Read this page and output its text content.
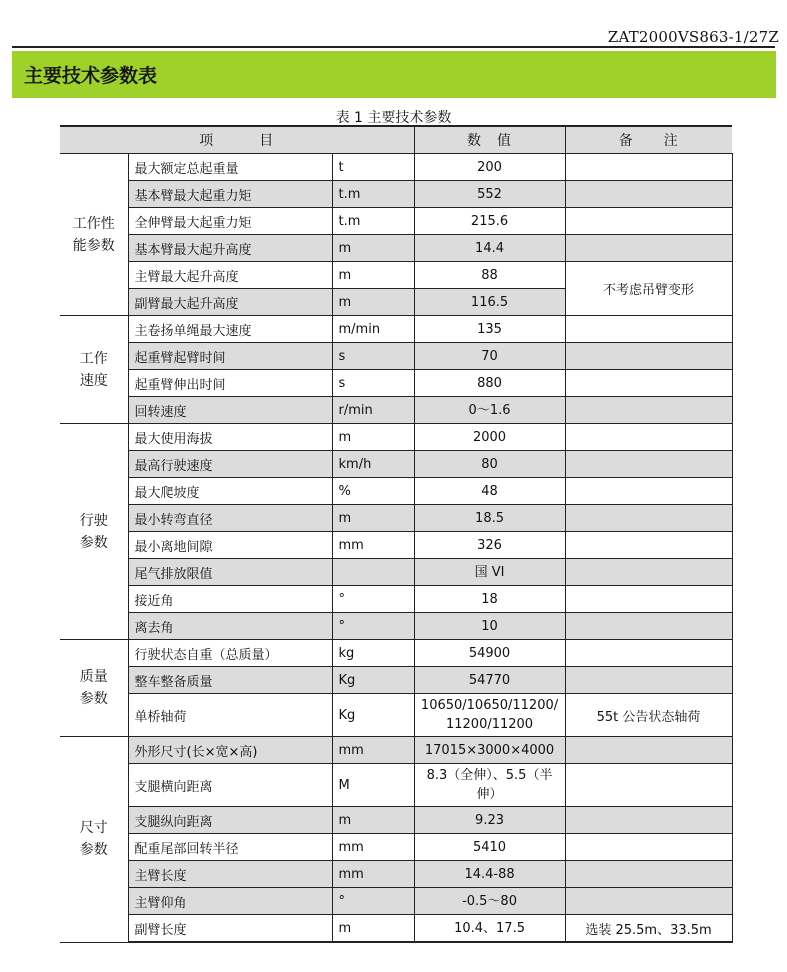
ZAT2000VS863-1/27Z
主要技术参数表
表 1 主要技术参数
项　　　目			数　值	备　　注

工作性
能参数	最大额定总起重量	t	200	
	基本臂最大起重力矩	t.m	552	
	全伸臂最大起重力矩	t.m	215.6	
	基本臂最大起升高度	m	14.4	
	主臂最大起升高度	m	88	不考虑吊臂变形
	副臂最大起升高度	m	116.5	

工作
速度	主卷扬单绳最大速度	m/min	135	
	起重臂起臂时间	s	70	
	起重臂伸出时间	s	880	
	回转速度	r/min	0～1.6	

行驶
参数	最大使用海拔	m	2000	
	最高行驶速度	km/h	80	
	最大爬坡度	%	48	
	最小转弯直径	m	18.5	
	最小离地间隙	mm	326	
	尾气排放限值		国 VI	
	接近角	°	18	
	离去角	°	10	

质量
参数	行驶状态自重（总质量）	kg	54900	
	整车整备质量	Kg	54770	
	单桥轴荷	Kg	10650/10650/11200/
11200/11200	55t 公告状态轴荷

尺寸
参数	外形尺寸(长×宽×高)	mm	17015×3000×4000	
	支腿横向距离	M	8.3（全伸）、5.5（半
伸）	
	支腿纵向距离	m	9.23	
	配重尾部回转半径	mm	5410	
	主臂长度	mm	14.4-88	
	主臂仰角	°	-0.5～80	
	副臂长度	m	10.4、17.5	选装 25.5m、33.5m
